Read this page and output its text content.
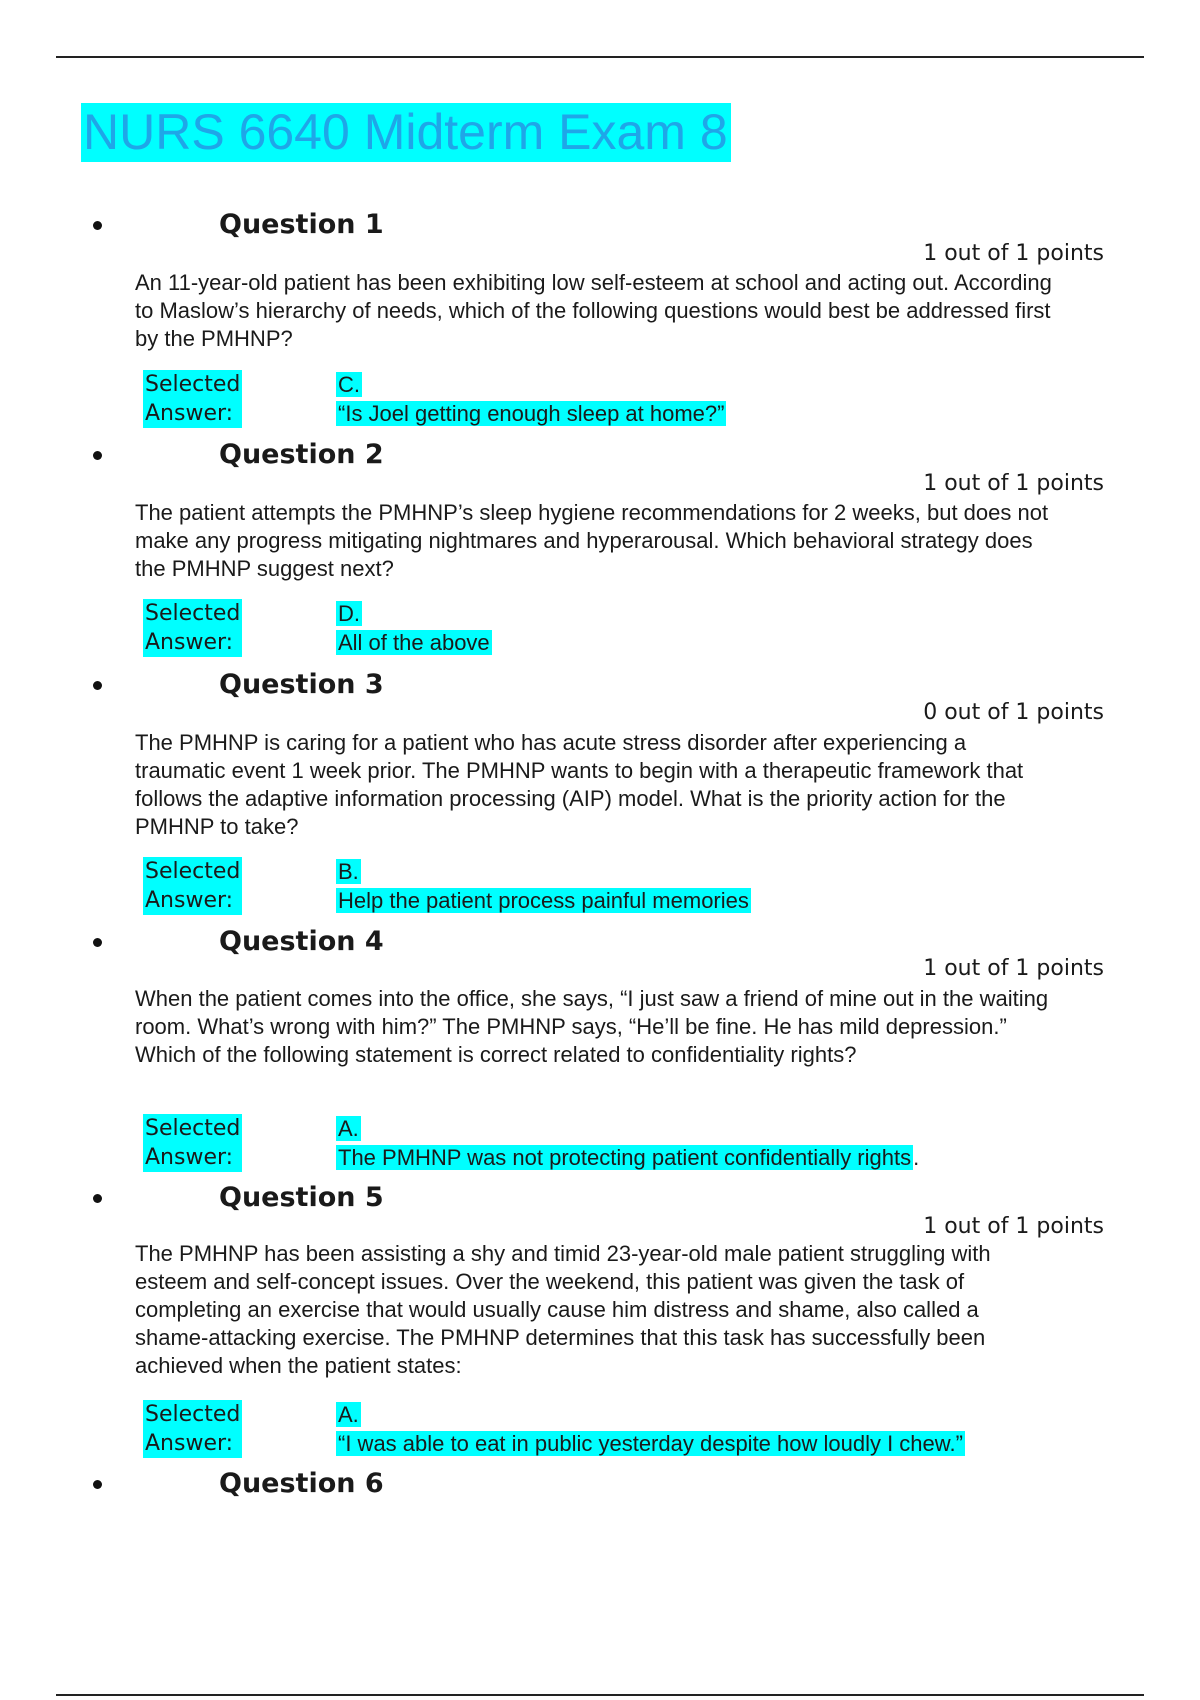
NURS 6640 Midterm Exam 8
Question 1

1 out of 1 points

An 11-year-old patient has been exhibiting low self-esteem at school and acting out. According to Maslow’s hierarchy of needs, which of the following questions would best be addressed first by the PMHNP?

Selected
Answer:

C.
“Is Joel getting enough sleep at home?”

Question 2

1 out of 1 points

The patient attempts the PMHNP’s sleep hygiene recommendations for 2 weeks, but does not make any progress mitigating nightmares and hyperarousal. Which behavioral strategy does the PMHNP suggest next?

Selected
Answer:

D.
All of the above

Question 3

0 out of 1 points

The PMHNP is caring for a patient who has acute stress disorder after experiencing a traumatic event 1 week prior. The PMHNP wants to begin with a therapeutic framework that follows the adaptive information processing (AIP) model. What is the priority action for the PMHNP to take?

Selected
Answer:

B.
Help the patient process painful memories

Question 4

1 out of 1 points

When the patient comes into the office, she says, “I just saw a friend of mine out in the waiting room. What’s wrong with him?” The PMHNP says, “He’ll be fine. He has mild depression.” Which of the following statement is correct related to confidentiality rights?

Selected
Answer:

A.
The PMHNP was not protecting patient confidentially rights.

Question 5

1 out of 1 points

The PMHNP has been assisting a shy and timid 23-year-old male patient struggling with esteem and self-concept issues. Over the weekend, this patient was given the task of completing an exercise that would usually cause him distress and shame, also called a shame-attacking exercise. The PMHNP determines that this task has successfully been achieved when the patient states:

Selected
Answer:

A.
“I was able to eat in public yesterday despite how loudly I chew.”

Question 6
